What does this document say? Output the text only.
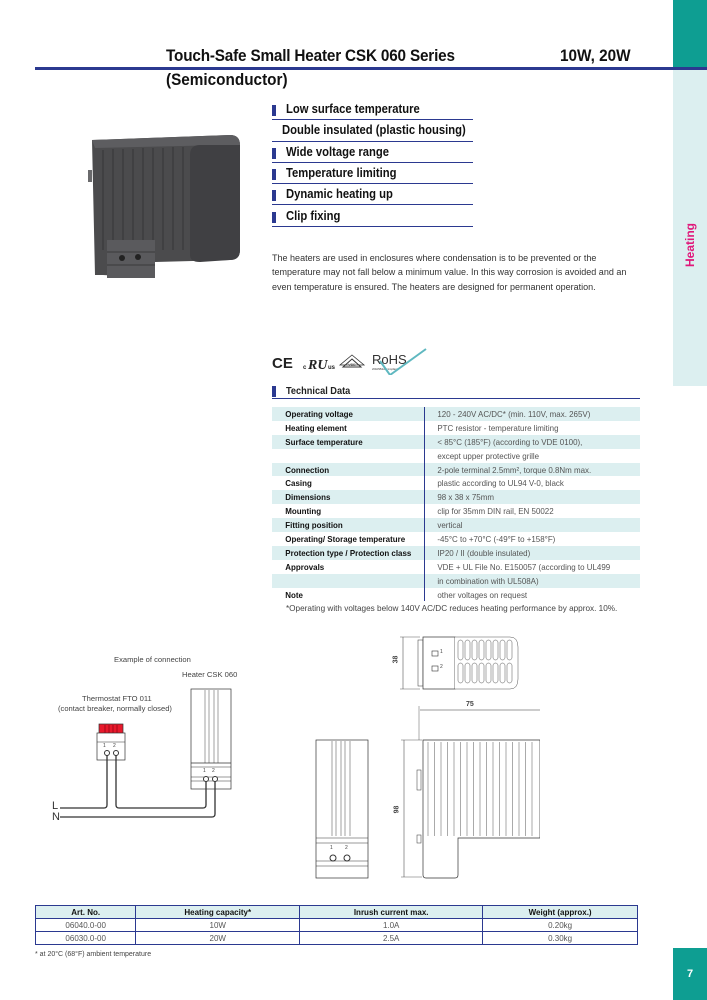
Heating
7
Touch-Safe Small Heater CSK 060 Series	10W, 20W
(Semiconductor)
Low surface temperature
Double insulated (plastic housing)
Wide voltage range
Temperature limiting
Dynamic heating up
Clip fixing
The heaters are used in enclosures where condensation is to be prevented or the temperature may not fall below a minimum value. In this way corrosion is avoided and an even temperature is ensured. The heaters are designed for permanent operation.
CE c RU us	VDE RoHS
2002/95/EC compliant
Technical Data
Operating voltage	120 - 240V AC/DC* (min. 110V, max. 265V)
Heating element	PTC resistor - temperature limiting
Surface temperature	< 85°C (185°F) (according to VDE 0100),
except upper protective grille
Connection	2-pole terminal 2.5mm², torque 0.8Nm max.
Casing	plastic according to UL94 V-0, black
Dimensions	98 x 38 x 75mm
Mounting	clip for 35mm DIN rail, EN 50022
Fitting position	vertical
Operating/ Storage temperature	-45°C to +70°C (-49°F to +158°F)
Protection type / Protection class	IP20 / II (double insulated)
Approvals	VDE + UL File No. E150057 (according to UL499
in combination with UL508A)
Note	other voltages on request
*Operating with voltages below 140V AC/DC reduces heating performance by approx. 10%.
Example of connection
Heater CSK 060
Thermostat FTO 011
(contact breaker, normally closed)
1 2
1 2
L
N
38
75
98
1
2
1 2
Art. No.	Heating capacity*	Inrush current max.	Weight (approx.)
06040.0-00	10W	1.0A	0.20kg
06030.0-00	20W	2.5A	0.30kg
* at 20°C (68°F) ambient temperature
